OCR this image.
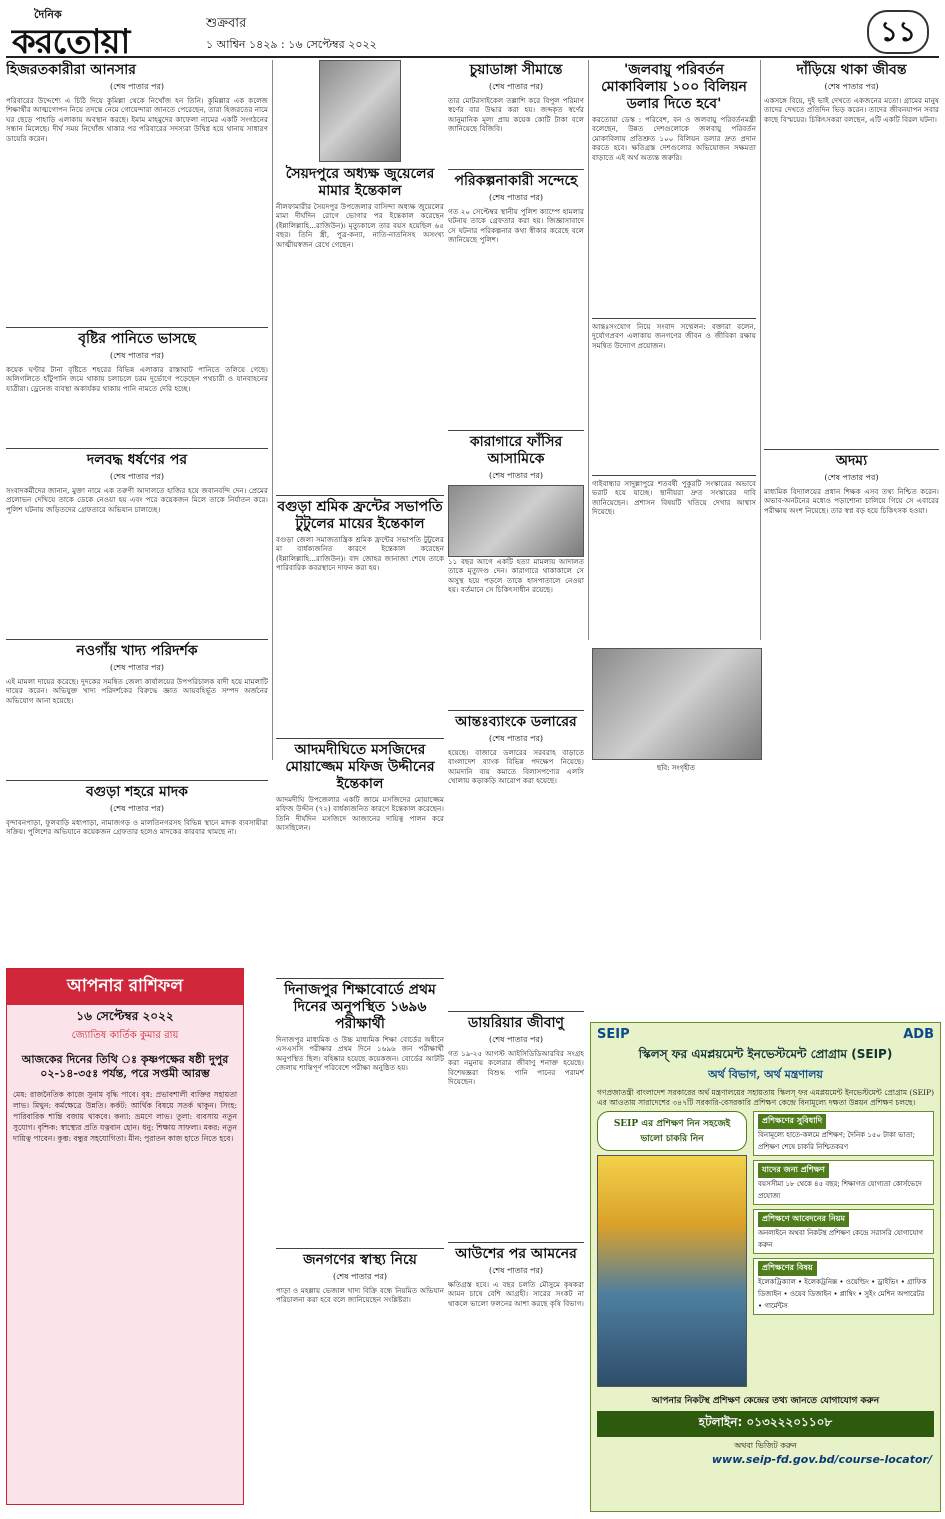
দৈনিক
করতোয়া	শুক্রবার
১ আশ্বিন ১৪২৯ : ১৬ সেপ্টেম্বর ২০২২	১১
হিজরতকারীরা আনসার
(শেষ পাতার পর)

পরিবারের উদ্দেশ্যে এ চিঠি দিয়ে কুমিল্লা থেকে নিখোঁজ হন তিনি। কুমিল্লার এক কলেজ শিক্ষার্থীর আত্মগোপন নিয়ে তদন্তে নেমে গোয়েন্দারা জানতে পেরেছেন, তারা হিজরতের নামে ঘর ছেড়ে পাহাড়ি এলাকায় অবস্থান করছে। ইমাম মাহমুদের কাফেলা নামের একটি সংগঠনের সন্ধান মিলেছে। দীর্ঘ সময় নিখোঁজ থাকার পর পরিবারের সদস্যরা উদ্বিগ্ন হয়ে থানায় সাধারণ ডায়েরি করেন।

বৃষ্টির পানিতে ভাসছে
(শেষ পাতার পর)

কয়েক ঘণ্টার টানা বৃষ্টিতে শহরের বিভিন্ন এলাকার রাস্তাঘাট পানিতে তলিয়ে গেছে। অলিগলিতে হাঁটুপানি জমে থাকায় চলাচলে চরম দুর্ভোগে পড়েছেন পথচারী ও যানবাহনের যাত্রীরা। ড্রেনেজ ব্যবস্থা অকার্যকর থাকায় পানি নামতে দেরি হচ্ছে।

দলবদ্ধ ধর্ষণের পর
(শেষ পাতার পর)

সংবাদকর্মীদের জানান, মুক্তা নামে এক তরুণী আদালতে হাজির হয়ে জবানবন্দি দেন। প্রেমের প্রলোভন দেখিয়ে তাকে ডেকে নেওয়া হয় এবং পরে কয়েকজন মিলে তাকে নির্যাতন করে। পুলিশ ঘটনায় জড়িতদের গ্রেফতারে অভিযান চালাচ্ছে।

নওগাঁয় খাদ্য পরিদর্শক
(শেষ পাতার পর)

এই মামলা দায়ের করেছে। দুদকের সমন্বিত জেলা কার্যালয়ের উপপরিচালক বাদী হয়ে মামলাটি দায়ের করেন। অভিযুক্ত খাদ্য পরিদর্শকের বিরুদ্ধে জ্ঞাত আয়বহির্ভূত সম্পদ অর্জনের অভিযোগ আনা হয়েছে।

বগুড়া শহরে মাদক
(শেষ পাতার পর)

বৃন্দাবনপাড়া, ফুলবাড়ি মধ্যপাড়া, নামাজগড় ও মালতিনগরসহ বিভিন্ন স্থানে মাদক ব্যবসায়ীরা সক্রিয়। পুলিশের অভিযানে কয়েকজন গ্রেফতার হলেও মাদকের কারবার থামছে না।

আপনার রাশিফল
১৬ সেপ্টেম্বর ২০২২
জ্যোতিষ কার্তিক কুমার রায়
আজকের দিনের তিথি ঃ কৃষ্ণপক্ষের ষষ্ঠী দুপুর ০২-১৪-৩৫ঃ পর্যন্ত, পরে সপ্তমী আরম্ভ

মেষ: রাজনৈতিক কাজে সুনাম বৃদ্ধি পাবে। বৃষ: প্রভাবশালী ব্যক্তির সহায়তা লাভ। মিথুন: কর্মক্ষেত্রে উন্নতি। কর্কট: আর্থিক বিষয়ে সতর্ক থাকুন। সিংহ: পারিবারিক শান্তি বজায় থাকবে। কন্যা: ভ্রমণে লাভ। তুলা: ব্যবসায় নতুন সুযোগ। বৃশ্চিক: স্বাস্থ্যের প্রতি যত্নবান হোন। ধনু: শিক্ষায় সাফল্য। মকর: নতুন দায়িত্ব পাবেন। কুম্ভ: বন্ধুর সহযোগিতা। মীন: পুরাতন কাজ হাতে নিতে হবে।

সৈয়দপুরে অধ্যক্ষ জুয়েলের মামার ইন্তেকাল

নীলফামারীর সৈয়দপুর উপজেলার বাসিন্দা অধ্যক্ষ জুয়েলের মামা দীর্ঘদিন রোগে ভোগার পর ইন্তেকাল করেছেন (ইন্নালিল্লাহি...রাজিউন)। মৃত্যুকালে তার বয়স হয়েছিল ৬৫ বছর। তিনি স্ত্রী, পুত্র-কন্যা, নাতি-নাতনিসহ অসংখ্য আত্মীয়স্বজন রেখে গেছেন।

বগুড়া শ্রমিক ফ্রন্টের সভাপতি টুটুলের মায়ের ইন্তেকাল

বগুড়া জেলা সমাজতান্ত্রিক শ্রমিক ফ্রন্টের সভাপতি টুটুলের মা বার্ধক্যজনিত কারণে ইন্তেকাল করেছেন (ইন্নালিল্লাহি...রাজিউন)। বাদ জোহর জানাজা শেষে তাকে পারিবারিক কবরস্থানে দাফন করা হয়।

আদমদীঘিতে মসজিদের মোয়াজ্জেম মফিজ উদ্দীনের ইন্তেকাল

আদমদীঘি উপজেলার একটি জামে মসজিদের মোয়াজ্জেম মফিজ উদ্দীন (৭২) বার্ধক্যজনিত কারণে ইন্তেকাল করেছেন। তিনি দীর্ঘদিন মসজিদে আজানের দায়িত্ব পালন করে আসছিলেন।

দিনাজপুর শিক্ষাবোর্ডে প্রথম দিনের অনুপস্থিত ১৬৯৬ পরীক্ষার্থী

দিনাজপুর মাধ্যমিক ও উচ্চ মাধ্যমিক শিক্ষা বোর্ডের অধীনে এসএসসি পরীক্ষার প্রথম দিনে ১৬৯৬ জন পরীক্ষার্থী অনুপস্থিত ছিল। বহিষ্কার হয়েছে কয়েকজন। বোর্ডের আটটি জেলায় শান্তিপূর্ণ পরিবেশে পরীক্ষা অনুষ্ঠিত হয়।

জনগণের স্বাস্থ্য নিয়ে
(শেষ পাতার পর)

পাড়া ও মহল্লায় ভেজাল খাদ্য বিক্রি বন্ধে নিয়মিত অভিযান পরিচালনা করা হবে বলে জানিয়েছেন সংশ্লিষ্টরা।

চুয়াডাঙ্গা সীমান্তে
(শেষ পাতার পর)

তার মোটরসাইকেল তল্লাশি করে বিপুল পরিমাণ স্বর্ণের বার উদ্ধার করা হয়। জব্দকৃত স্বর্ণের আনুমানিক মূল্য প্রায় কয়েক কোটি টাকা বলে জানিয়েছে বিজিবি।

পরিকল্পনাকারী সন্দেহে
(শেষ পাতার পর)

গত ২০ সেপ্টেম্বর স্থানীয় পুলিশ ক্যাম্পে হামলার ঘটনায় তাকে গ্রেফতার করা হয়। জিজ্ঞাসাবাদে সে ঘটনার পরিকল্পনার কথা স্বীকার করেছে বলে জানিয়েছে পুলিশ।

কারাগারে ফাঁসির আসামিকে
(শেষ পাতার পর)

১১ বছর আগে একটি হত্যা মামলায় আদালত তাকে মৃত্যুদণ্ড দেন। কারাগারে থাকাকালে সে অসুস্থ হয়ে পড়লে তাকে হাসপাতালে নেওয়া হয়। বর্তমানে সে চিকিৎসাধীন রয়েছে।

আন্তঃব্যাংকে ডলারের
(শেষ পাতার পর)

হয়েছে। বাজারে ডলারের সরবরাহ বাড়াতে বাংলাদেশ ব্যাংক বিভিন্ন পদক্ষেপ নিয়েছে। আমদানি ব্যয় কমাতে বিলাসপণ্যের এলসি খোলায় কড়াকড়ি আরোপ করা হয়েছে।

ডায়রিয়ার জীবাণু
(শেষ পাতার পর)

গত ১৯-২৫ আগস্ট আইসিডিডিআরবির সংগ্রহ করা নমুনায় কলেরার জীবাণু শনাক্ত হয়েছে। বিশেষজ্ঞরা বিশুদ্ধ পানি পানের পরামর্শ দিয়েছেন।

আউশের পর আমনের
(শেষ পাতার পর)

ক্ষতিগ্রস্ত হবে। এ বছর চলতি মৌসুমে কৃষকরা আমন চাষে বেশি আগ্রহী। সারের সংকট না থাকলে ভালো ফলনের আশা করছে কৃষি বিভাগ।

'জলবায়ু পরিবর্তন মোকাবিলায় ১০০ বিলিয়ন ডলার দিতে হবে'

করতোয়া ডেস্ক : পরিবেশ, বন ও জলবায়ু পরিবর্তনমন্ত্রী বলেছেন, উন্নত দেশগুলোকে জলবায়ু পরিবর্তন মোকাবিলায় প্রতিশ্রুত ১০০ বিলিয়ন ডলার দ্রুত প্রদান করতে হবে। ক্ষতিগ্রস্ত দেশগুলোর অভিযোজন সক্ষমতা বাড়াতে এই অর্থ অত্যন্ত জরুরি।

আন্তঃসংযোগ নিয়ে সংবাদ সম্মেলন: বক্তারা বলেন, দুর্যোগপ্রবণ এলাকায় জনগণের জীবন ও জীবিকা রক্ষায় সমন্বিত উদ্যোগ প্রয়োজন।

গাইবান্ধার সাদুল্লাপুরে শতবর্ষী পুকুরটি সংস্কারের অভাবে ভরাট হয়ে যাচ্ছে। স্থানীয়রা দ্রুত সংস্কারের দাবি জানিয়েছেন। প্রশাসন বিষয়টি খতিয়ে দেখার আশ্বাস দিয়েছে।

দাঁড়িয়ে থাকা জীবন্ত
(শেষ পাতার পর)

একসঙ্গে বিয়ে, দুই ভাই দেখতে একজনের মতো। গ্রামের মানুষ তাদের দেখতে প্রতিদিন ভিড় করেন। তাদের জীবনযাপন সবার কাছে বিস্ময়ের। চিকিৎসকরা বলছেন, এটি একটি বিরল ঘটনা।

অদম্য
(শেষ পাতার পর)

মাধ্যমিক বিদ্যালয়ের প্রধান শিক্ষক এসব তথ্য নিশ্চিত করেন। অভাব-অনটনের মধ্যেও পড়াশোনা চালিয়ে গিয়ে সে এবারের পরীক্ষায় অংশ নিয়েছে। তার স্বপ্ন বড় হয়ে চিকিৎসক হওয়া।

ছবি: সংগৃহীত
SEIP	ADB
স্কিলস্ ফর এমপ্লয়মেন্ট ইনভেস্টমেন্ট প্রোগ্রাম (SEIP)
অর্থ বিভাগ, অর্থ মন্ত্রণালয়

গণপ্রজাতন্ত্রী বাংলাদেশ সরকারের অর্থ মন্ত্রণালয়ের সহায়তায় স্কিলস্ ফর এমপ্লয়মেন্ট ইনভেস্টমেন্ট প্রোগ্রাম (SEIP) এর আওতায় সারাদেশের ৩৪৭টি সরকারি-বেসরকারি প্রশিক্ষণ কেন্দ্রে বিনামূল্যে দক্ষতা উন্নয়ন প্রশিক্ষণ চলছে।

SEIP এর প্রশিক্ষণ নিন সহজেই ভালো চাকরি নিন
প্রশিক্ষণের সুবিধাদি
বিনামূল্যে হাতে-কলমে প্রশিক্ষণ; দৈনিক ১৫০ টাকা ভাতা; প্রশিক্ষণ শেষে চাকরি নিশ্চিতকরণ
যাদের জন্য প্রশিক্ষণ
বয়সসীমা ১৮ থেকে ৪৫ বছর; শিক্ষাগত যোগ্যতা কোর্সভেদে প্রযোজ্য
প্রশিক্ষণে আবেদনের নিয়ম
অনলাইনে অথবা নিকটস্থ প্রশিক্ষণ কেন্দ্রে সরাসরি যোগাযোগ করুন
প্রশিক্ষণের বিষয়
ইলেকট্রিক্যাল • ইলেকট্রনিক্স • ওয়েল্ডিং • ড্রাইভিং • গ্রাফিক ডিজাইন • ওয়েব ডিজাইন • প্লাম্বিং • সুইং মেশিন অপারেটর • গার্মেন্টস
আপনার নিকটস্থ প্রশিক্ষণ কেন্দ্রের তথ্য জানতে যোগাযোগ করুন
হটলাইন: ০১৩২২২০১১০৮
অথবা ভিজিট করুন
www.seip-fd.gov.bd/course-locator/
